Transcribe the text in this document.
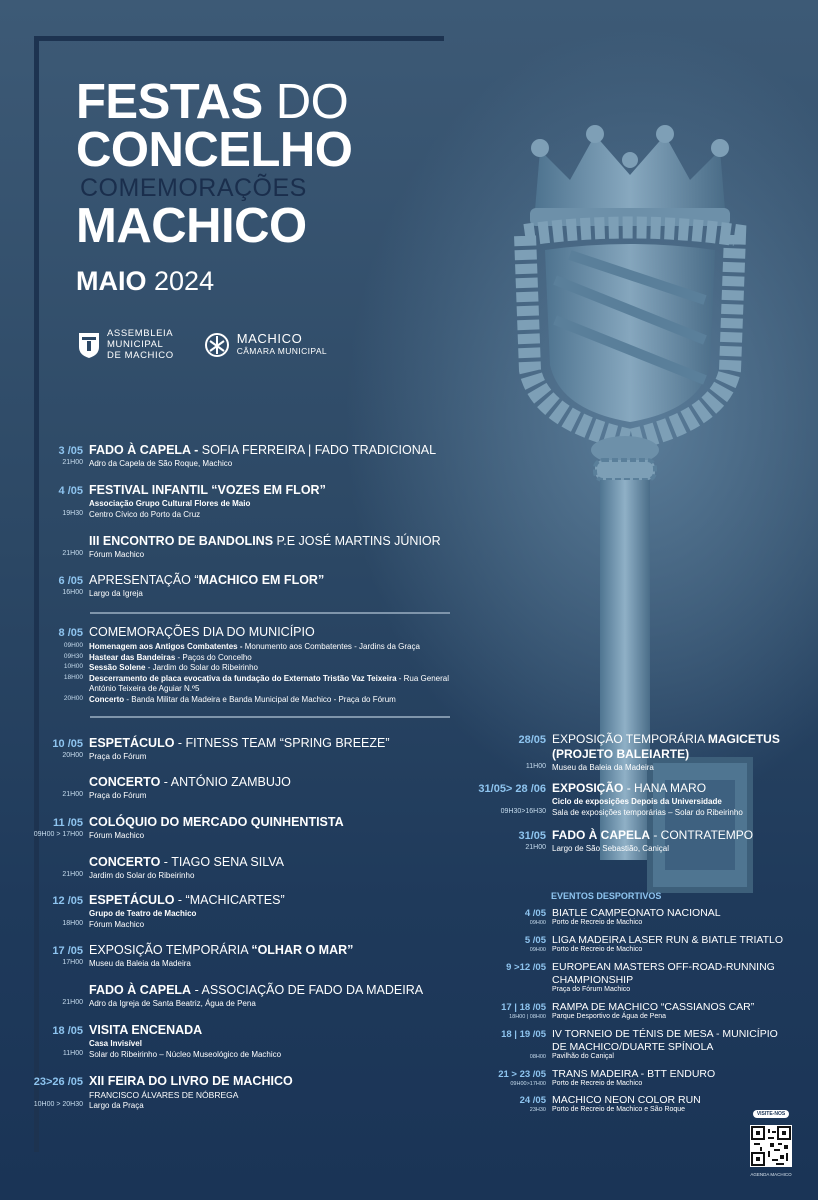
FESTAS DO
CONCELHO
COMEMORAÇÕES
MACHICO
MAIO 2024
ASSEMBLEIA
MUNICIPAL
DE MACHICO
MACHICO
CÂMARA MUNICIPAL
3 /05 FADO À CAPELA - SOFIA FERREIRA | FADO TRADICIONAL
21H00 Adro da Capela de São Roque, Machico
4 /05 FESTIVAL INFANTIL “VOZES EM FLOR”
Associação Grupo Cultural Flores de Maio
19H30 Centro Cívico do Porto da Cruz
III ENCONTRO DE BANDOLINS P.E JOSÉ MARTINS JÚNIOR
21H00 Fórum Machico
6 /05 APRESENTAÇÃO “MACHICO EM FLOR”
16H00 Largo da Igreja
8 /05 COMEMORAÇÕES DIA DO MUNICÍPIO
09H00 Homenagem aos Antigos Combatentes - Monumento aos Combatentes - Jardins da Graça
09H30 Hastear das Bandeiras - Paços do Concelho
10H00 Sessão Solene - Jardim do Solar do Ribeirinho
18H00 Descerramento de placa evocativa da fundação do Externato Tristão Vaz Teixeira - Rua General
António Teixeira de Aguiar N.º5
20H00 Concerto - Banda Militar da Madeira e Banda Municipal de Machico - Praça do Fórum
10 /05 ESPETÁCULO - FITNESS TEAM “SPRING BREEZE”
20H00 Praça do Fórum
CONCERTO - ANTÓNIO ZAMBUJO
21H00 Praça do Fórum
11 /05 COLÓQUIO DO MERCADO QUINHENTISTA
09H00 > 17H00 Fórum Machico
CONCERTO - TIAGO SENA SILVA
21H00 Jardim do Solar do Ribeirinho
12 /05 ESPETÁCULO - “MACHICARTES”
Grupo de Teatro de Machico
18H00 Fórum Machico
17 /05 EXPOSIÇÃO TEMPORÁRIA “OLHAR O MAR”
17H00 Museu da Baleia da Madeira
FADO À CAPELA - ASSOCIAÇÃO DE FADO DA MADEIRA
21H00 Adro da Igreja de Santa Beatriz, Água de Pena
18 /05 VISITA ENCENADA
Casa Invisível
11H00 Solar do Ribeirinho – Núcleo Museológico de Machico
23>26 /05 XII FEIRA DO LIVRO DE MACHICO
FRANCISCO ÁLVARES DE NÓBREGA
10H00 > 20H30 Largo da Praça
28/05 EXPOSIÇÃO TEMPORÁRIA MAGICETUS
(PROJETO BALEIARTE)
11H00 Museu da Baleia da Madeira
31/05> 28 /06 EXPOSIÇÃO - HANA MARO
Ciclo de exposições Depois da Universidade
09H30>16H30 Sala de exposições temporárias – Solar do Ribeirinho
31/05 FADO À CAPELA - CONTRATEMPO
21H00 Largo de São Sebastião, Caniçal
EVENTOS DESPORTIVOS
4 /05 BIATLE CAMPEONATO NACIONAL
09H00 Porto de Recreio de Machico
5 /05 LIGA MADEIRA LASER RUN & BIATLE TRIATLO
09H00 Porto de Recreio de Machico
9 >12 /05 EUROPEAN MASTERS OFF-ROAD-RUNNING
CHAMPIONSHIP
Praça do Fórum Machico
17 | 18 /05 RAMPA DE MACHICO “CASSIANOS CAR”
18H00 | 08H00 Parque Desportivo de Água de Pena
18 | 19 /05 IV TORNEIO DE TÉNIS DE MESA - MUNICÍPIO
DE MACHICO/DUARTE SPÍNOLA
08H00 Pavilhão do Caniçal
21 > 23 /05 TRANS MADEIRA - BTT ENDURO
09H00>17H00 Porto de Recreio de Machico
24 /05 MACHICO NEON COLOR RUN
23H30 Porto de Recreio de Machico e São Roque
VISITE-NOS
AGENDA MACHICO
